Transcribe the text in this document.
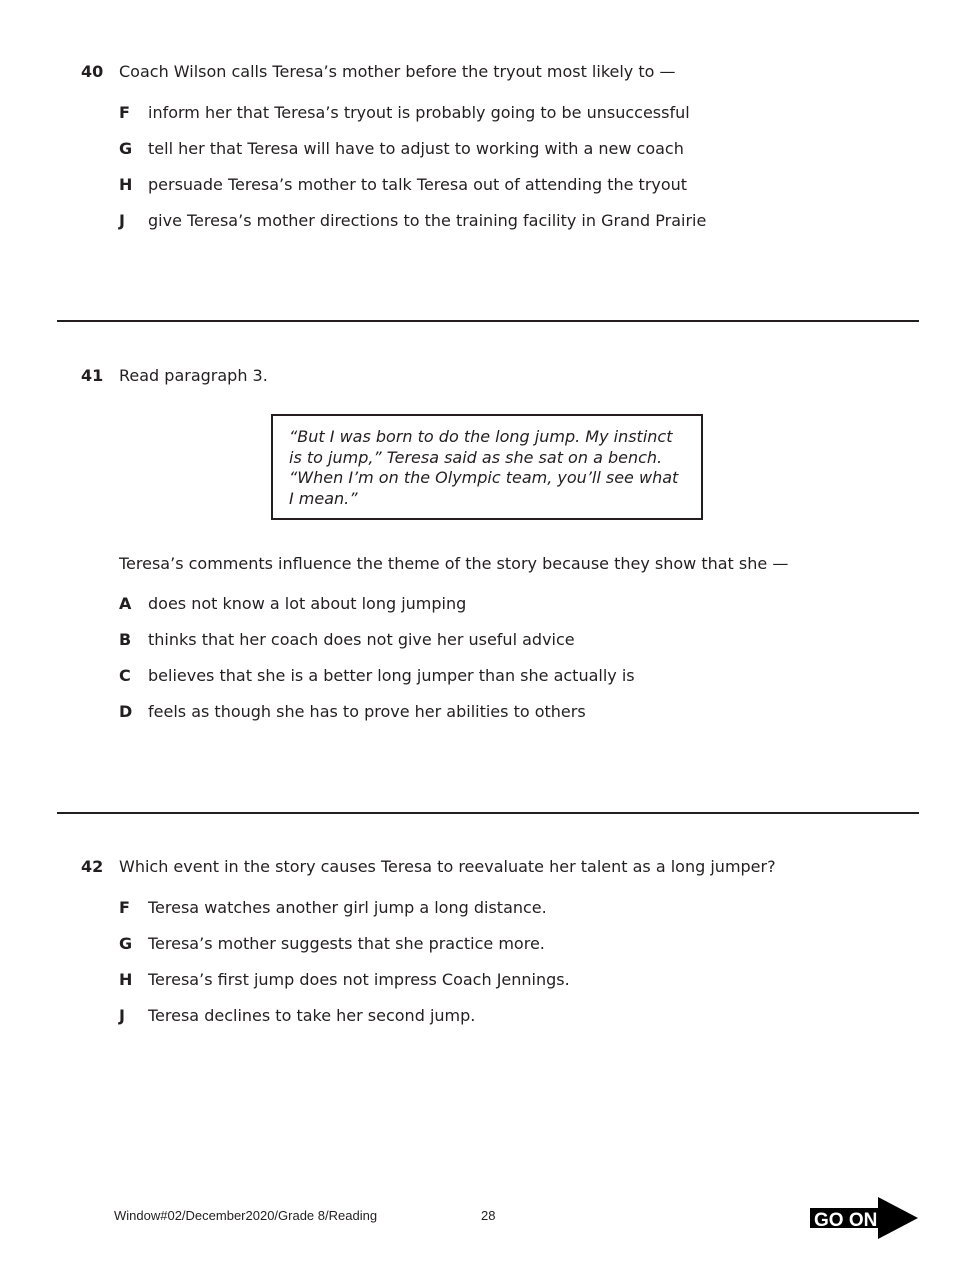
40 Coach Wilson calls Teresa’s mother before the tryout most likely to —
F	inform her that Teresa’s tryout is probably going to be unsuccessful
G tell her that Teresa will have to adjust to working with a new coach
H persuade Teresa’s mother to talk Teresa out of attending the tryout
J	give Teresa’s mother directions to the training facility in Grand Prairie
41 Read paragraph 3.
“But I was born to do the long jump. My instinct
is to jump,” Teresa said as she sat on a bench.
“When I’m on the Olympic team, you’ll see what
I mean.”
Teresa’s comments influence the theme of the story because they show that she —
A	does not know a lot about long jumping
B	thinks that her coach does not give her useful advice
C	believes that she is a better long jumper than she actually is
D feels as though she has to prove her abilities to others
42 Which event in the story causes Teresa to reevaluate her talent as a long jumper?
F	Teresa watches another girl jump a long distance.
G Teresa’s mother suggests that she practice more.
H Teresa’s first jump does not impress Coach Jennings.
J	Teresa declines to take her second jump.
Window#02/December2020/Grade 8/Reading	28	GO ON
